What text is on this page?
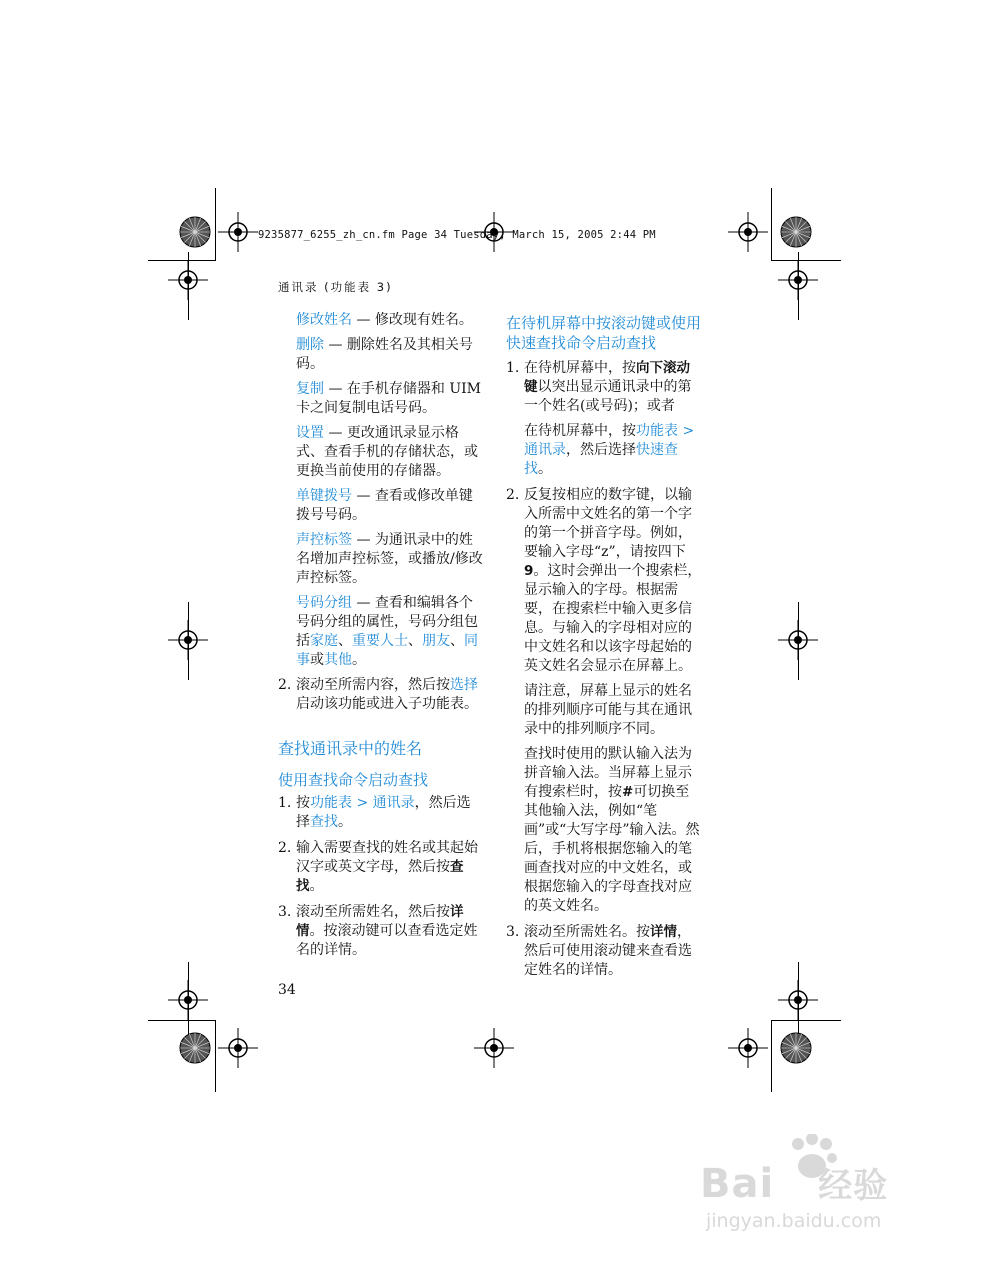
9235877_6255_zh_cn.fm Page 34 Tuesday, March 15, 2005 2:44 PM
通讯录 (功能表 3)

修改姓名 — 修改现有姓名。

删除 — 删除姓名及其相关号码。

复制 — 在手机存储器和 UIM 卡之间复制电话号码。

设置 — 更改通讯录显示格式、查看手机的存储状态，或更换当前使用的存储器。

单键拨号 — 查看或修改单键拨号号码。

声控标签 — 为通讯录中的姓名增加声控标签，或播放/修改声控标签。

号码分组 — 查看和编辑各个号码分组的属性，号码分组包括家庭、重要人士、朋友、同事或其他。

2. 滚动至所需内容，然后按选择启动该功能或进入子功能表。
查找通讯录中的姓名
使用查找命令启动查找
1. 按功能表 > 通讯录，然后选择查找。
2. 输入需要查找的姓名或其起始汉字或英文字母，然后按查找。
3. 滚动至所需姓名，然后按详情。按滚动键可以查看选定姓名的详情。
在待机屏幕中按滚动键或使用快速查找命令启动查找
1. 在待机屏幕中，按向下滚动键以突出显示通讯录中的第一个姓名(或号码)；或者
在待机屏幕中，按功能表 > 通讯录，然后选择快速查找。
2. 反复按相应的数字键，以输入所需中文姓名的第一个字的第一个拼音字母。例如，要输入字母“z”，请按四下 9。这时会弹出一个搜索栏，显示输入的字母。根据需要，在搜索栏中输入更多信息。与输入的字母相对应的中文姓名和以该字母起始的英文姓名会显示在屏幕上。
请注意，屏幕上显示的姓名的排列顺序可能与其在通讯录中的排列顺序不同。
查找时使用的默认输入法为拼音输入法。当屏幕上显示有搜索栏时，按#可切换至其他输入法，例如“笔画”或“大写字母”输入法。然后，手机将根据您输入的笔画查找对应的中文姓名，或根据您输入的字母查找对应的英文姓名。
3. 滚动至所需姓名。按详情，然后可使用滚动键来查看选定姓名的详情。
34
Bai 经验
jingyan.baidu.com
